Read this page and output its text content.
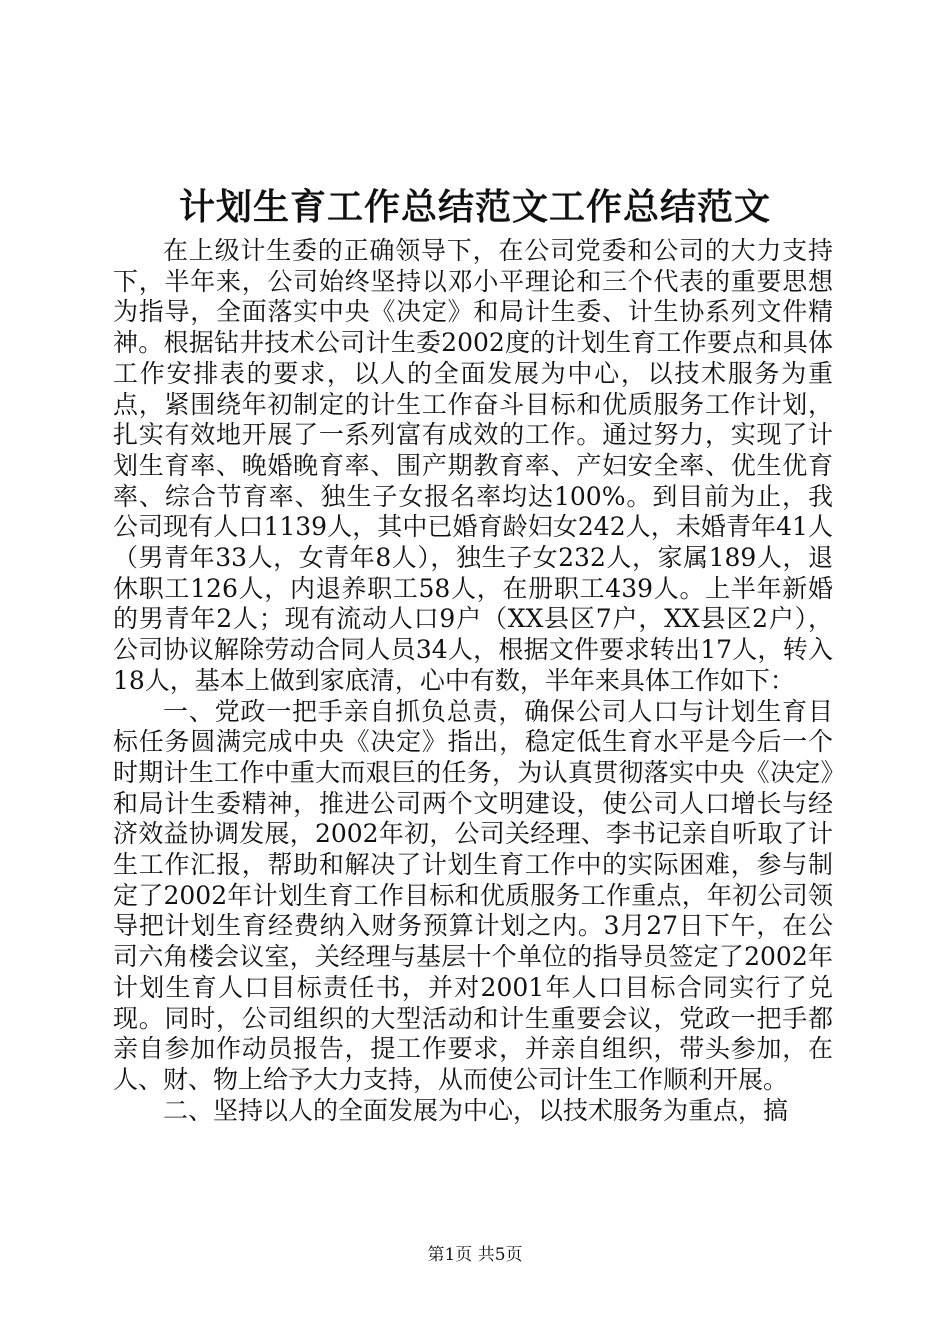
计划生育工作总结范文工作总结范文

在上级计生委的正确领导下，在公司党委和公司的大力支持下，半年来，公司始终坚持以邓小平理论和三个代表的重要思想为指导，全面落实中央《决定》和局计生委、计生协系列文件精神。根据钻井技术公司计生委2002度的计划生育工作要点和具体工作安排表的要求，以人的全面发展为中心，以技术服务为重点，紧围绕年初制定的计生工作奋斗目标和优质服务工作计划，扎实有效地开展了一系列富有成效的工作。通过努力，实现了计划生育率、晚婚晚育率、围产期教育率、产妇安全率、优生优育率、综合节育率、独生子女报名率均达100%。到目前为止，我公司现有人口1139人，其中已婚育龄妇女242人，未婚青年41人（男青年33人，女青年8人），独生子女232人，家属189人，退休职工126人，内退养职工58人，在册职工439人。上半年新婚的男青年2人；现有流动人口9户（XX县区7户，XX县区2户），公司协议解除劳动合同人员34人，根据文件要求转出17人，转入18人，基本上做到家底清，心中有数，半年来具体工作如下：

一、党政一把手亲自抓负总责，确保公司人口与计划生育目标任务圆满完成中央《决定》指出，稳定低生育水平是今后一个时期计生工作中重大而艰巨的任务，为认真贯彻落实中央《决定》和局计生委精神，推进公司两个文明建设，使公司人口增长与经济效益协调发展，2002年初，公司关经理、李书记亲自听取了计生工作汇报，帮助和解决了计划生育工作中的实际困难，参与制定了2002年计划生育工作目标和优质服务工作重点，年初公司领导把计划生育经费纳入财务预算计划之内。3月27日下午，在公司六角楼会议室，关经理与基层十个单位的指导员签定了2002年计划生育人口目标责任书，并对2001年人口目标合同实行了兑现。同时，公司组织的大型活动和计生重要会议，党政一把手都亲自参加作动员报告，提工作要求，并亲自组织，带头参加，在人、财、物上给予大力支持，从而使公司计生工作顺利开展。

二、坚持以人的全面发展为中心，以技术服务为重点，搞

第1页 共5页
